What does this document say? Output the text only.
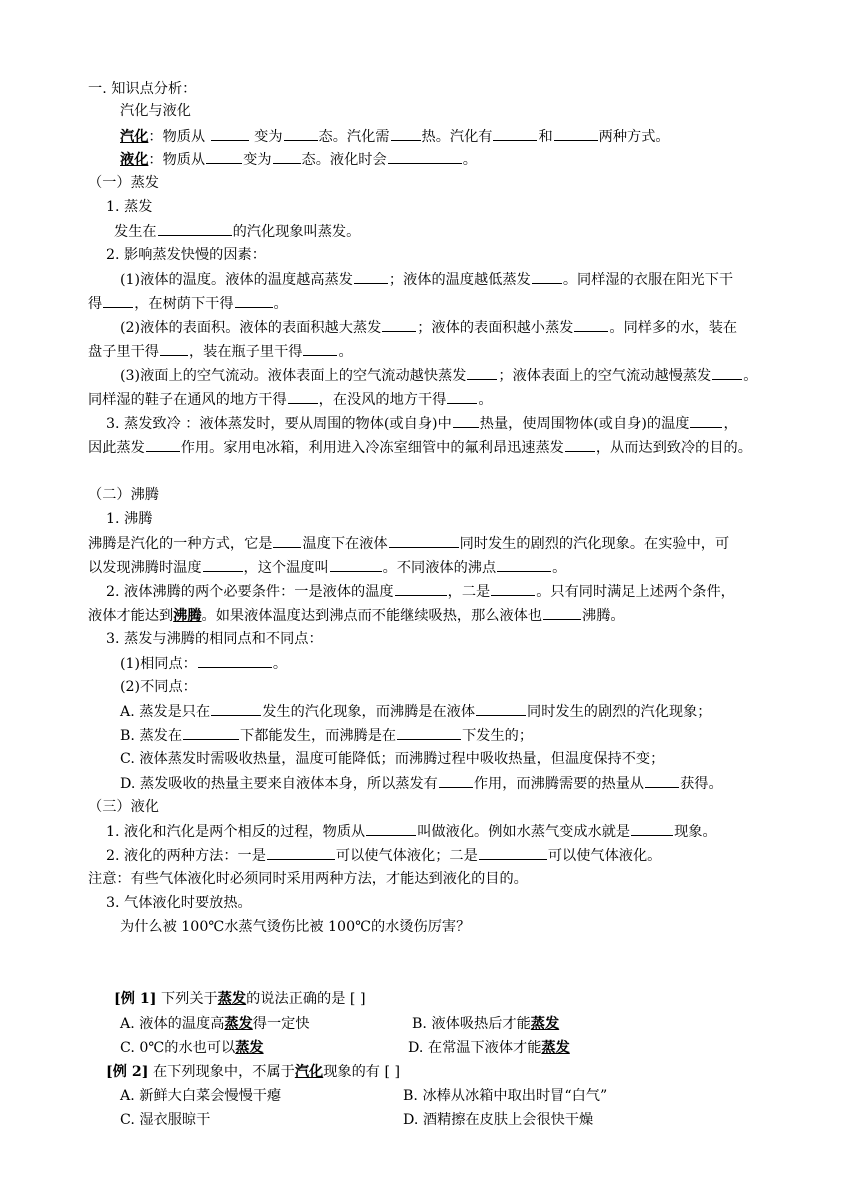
一. 知识点分析：
汽化与液化
汽化：物质从	变为	态。汽化需 热。汽化有	和	两种方式。
液化：物质从	变为 态。液化时会	。
（一）蒸发
1. 蒸发
发生在	的汽化现象叫蒸发。
2. 影响蒸发快慢的因素：
(1)液体的温度。液体的温度越高蒸发	；液体的温度越低蒸发 。同样湿的衣服在阳光下干
得 ，在树荫下干得	。
(2)液体的表面积。液体的表面积越大蒸发	；液体的表面积越小蒸发	。同样多的水，装在
盘子里干得 ，装在瓶子里干得	。
(3)液面上的空气流动。液体表面上的空气流动越快蒸发 ；液体表面上的空气流动越慢蒸发 。
同样湿的鞋子在通风的地方干得 ，在没风的地方干得 。
3. 蒸发致冷 ：液体蒸发时，要从周围的物体(或自身)中 热量，使周围物体(或自身)的温度 ，
因此蒸发	作用。家用电冰箱，利用进入冷冻室细管中的氟利昂迅速蒸发 ，从而达到致冷的目的。
（二）沸腾
1. 沸腾
沸腾是汽化的一种方式，它是 温度下在液体	同时发生的剧烈的汽化现象。在实验中，可
以发现沸腾时温度	，这个温度叫	。不同液体的沸点	。
2. 液体沸腾的两个必要条件：一是液体的温度	，二是	。只有同时满足上述两个条件，
液体才能达到沸腾。如果液体温度达到沸点而不能继续吸热，那么液体也	沸腾。
3. 蒸发与沸腾的相同点和不同点：
(1)相同点：	。
(2)不同点：
A. 蒸发是只在	发生的汽化现象，而沸腾是在液体	同时发生的剧烈的汽化现象；
B. 蒸发在	下都能发生，而沸腾是在	下发生的；
C. 液体蒸发时需吸收热量，温度可能降低；而沸腾过程中吸收热量，但温度保持不变；
D. 蒸发吸收的热量主要来自液体本身，所以蒸发有	作用，而沸腾需要的热量从	获得。
（三）液化
1. 液化和汽化是两个相反的过程，物质从	叫做液化。例如水蒸气变成水就是	现象。
2. 液化的两种方法：一是	可以使气体液化；二是	可以使气体液化。
注意：有些气体液化时必须同时采用两种方法，才能达到液化的目的。
3. 气体液化时要放热。
为什么被 100℃水蒸气烫伤比被 100℃的水烫伤厉害？
[例 1] 下列关于蒸发的说法正确的是 [ ]
A. 液体的温度高蒸发得一定快	B. 液体吸热后才能蒸发
C. 0℃的水也可以蒸发	D. 在常温下液体才能蒸发
[例 2] 在下列现象中，不属于汽化现象的有 [ ]
A. 新鲜大白菜会慢慢干瘪	B. 冰棒从冰箱中取出时冒“白气”
C. 湿衣服晾干	D. 酒精擦在皮肤上会很快干燥
